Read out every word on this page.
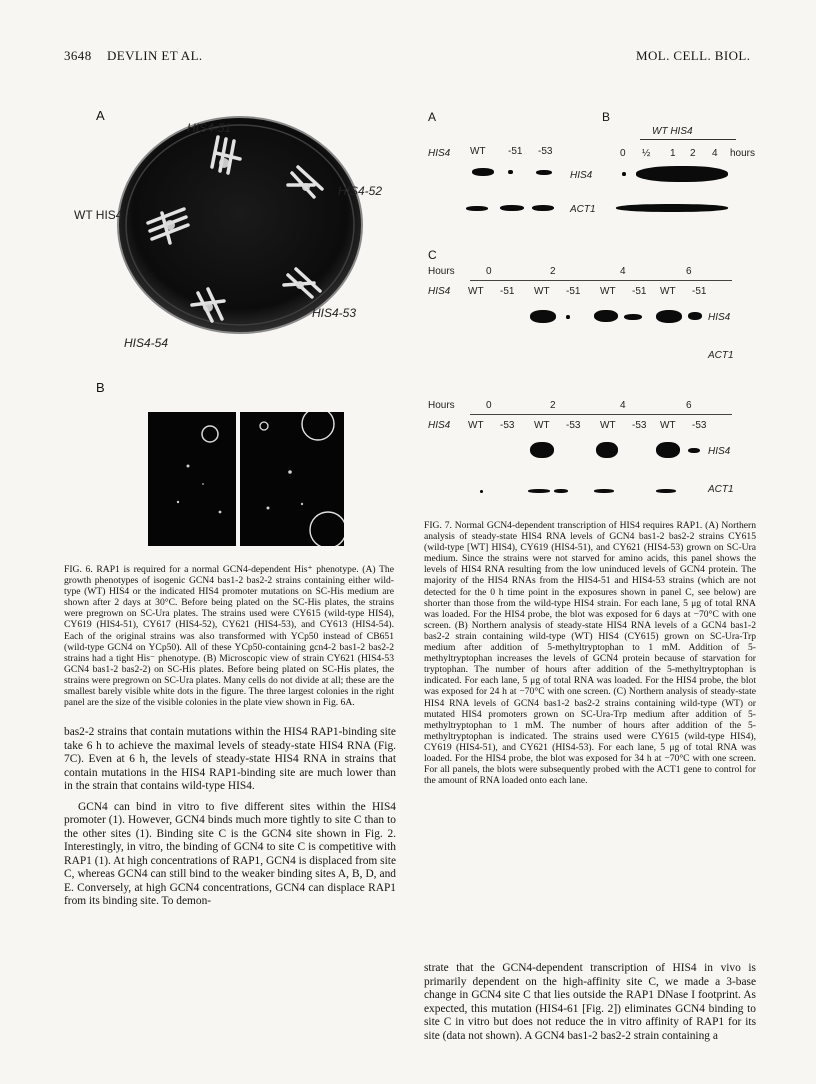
3648 DEVLIN ET AL.	MOL. CELL. BIOL.
A
HIS4-51
HIS4-52
WT HIS4
HIS4-53
HIS4-54
B
FIG. 6. RAP1 is required for a normal GCN4-dependent His⁺ phenotype. (A) The growth phenotypes of isogenic GCN4 bas1-2 bas2-2 strains containing either wild-type (WT) HIS4 or the indicated HIS4 promoter mutations on SC-His medium are shown after 2 days at 30°C. Before being plated on the SC-His plates, the strains were pregrown on SC-Ura plates. The strains used were CY615 (wild-type HIS4), CY619 (HIS4-51), CY617 (HIS4-52), CY621 (HIS4-53), and CY613 (HIS4-54). Each of the original strains was also transformed with YCp50 instead of CB651 (wild-type GCN4 on YCp50). All of these YCp50-containing gcn4-2 bas1-2 bas2-2 strains had a tight His⁻ phenotype. (B) Microscopic view of strain CY621 (HIS4-53 GCN4 bas1-2 bas2-2) on SC-His plates. Before being plated on SC-His plates, the strains were pregrown on SC-Ura plates. Many cells do not divide at all; these are the smallest barely visible white dots in the figure. The three largest colonies in the right panel are the size of the visible colonies in the plate view shown in Fig. 6A.
A
HIS4 WT -51 -53
B
WT HIS4
0 ½ 1 2 4 hours
HIS4
ACT1
C
Hours	0	2	4	6
HIS4 WT -51 WT -51 WT -51 WT -51
HIS4
ACT1
Hours	0	2	4	6
HIS4 WT -53 WT -53 WT -53 WT -53
HIS4
ACT1
FIG. 7. Normal GCN4-dependent transcription of HIS4 requires RAP1. (A) Northern analysis of steady-state HIS4 RNA levels of GCN4 bas1-2 bas2-2 strains CY615 (wild-type [WT] HIS4), CY619 (HIS4-51), and CY621 (HIS4-53) grown on SC-Ura medium. Since the strains were not starved for amino acids, this panel shows the levels of HIS4 RNA resulting from the low uninduced levels of GCN4 protein. The majority of the HIS4 RNAs from the HIS4-51 and HIS4-53 strains (which are not detected for the 0 h time point in the exposures shown in panel C, see below) are shorter than those from the wild-type HIS4 strain. For each lane, 5 μg of total RNA was loaded. For the HIS4 probe, the blot was exposed for 6 days at −70°C with one screen. (B) Northern analysis of steady-state HIS4 RNA levels of a GCN4 bas1-2 bas2-2 strain containing wild-type (WT) HIS4 (CY615) grown on SC-Ura-Trp medium after addition of 5-methyltryptophan to 1 mM. Addition of 5-methyltryptophan increases the levels of GCN4 protein because of starvation for tryptophan. The number of hours after addition of the 5-methyltryptophan is indicated. For each lane, 5 μg of total RNA was loaded. For the HIS4 probe, the blot was exposed for 24 h at −70°C with one screen. (C) Northern analysis of steady-state HIS4 RNA levels of GCN4 bas1-2 bas2-2 strains containing wild-type (WT) or mutated HIS4 promoters grown on SC-Ura-Trp medium after addition of 5-methyltryptophan to 1 mM. The number of hours after addition of the 5-methyltryptophan is indicated. The strains used were CY615 (wild-type HIS4), CY619 (HIS4-51), and CY621 (HIS4-53). For each lane, 5 μg of total RNA was loaded. For the HIS4 probe, the blot was exposed for 34 h at −70°C with one screen. For all panels, the blots were subsequently probed with the ACT1 gene to control for the amount of RNA loaded onto each lane.

bas2-2 strains that contain mutations within the HIS4 RAP1-binding site take 6 h to achieve the maximal levels of steady-state HIS4 RNA (Fig. 7C). Even at 6 h, the levels of steady-state HIS4 RNA in strains that contain mutations in the HIS4 RAP1-binding site are much lower than in the strain that contains wild-type HIS4.

GCN4 can bind in vitro to five different sites within the HIS4 promoter (1). However, GCN4 binds much more tightly to site C than to the other sites (1). Binding site C is the GCN4 site shown in Fig. 2. Interestingly, in vitro, the binding of GCN4 to site C is competitive with RAP1 (1). At high concentrations of RAP1, GCN4 is displaced from site C, whereas GCN4 can still bind to the weaker binding sites A, B, D, and E. Conversely, at high GCN4 concentrations, GCN4 can displace RAP1 from its binding site. To demon-

strate that the GCN4-dependent transcription of HIS4 in vivo is primarily dependent on the high-affinity site C, we made a 3-base change in GCN4 site C that lies outside the RAP1 DNase I footprint. As expected, this mutation (HIS4-61 [Fig. 2]) eliminates GCN4 binding to site C in vitro but does not reduce the in vitro affinity of RAP1 for its site (data not shown). A GCN4 bas1-2 bas2-2 strain containing a
